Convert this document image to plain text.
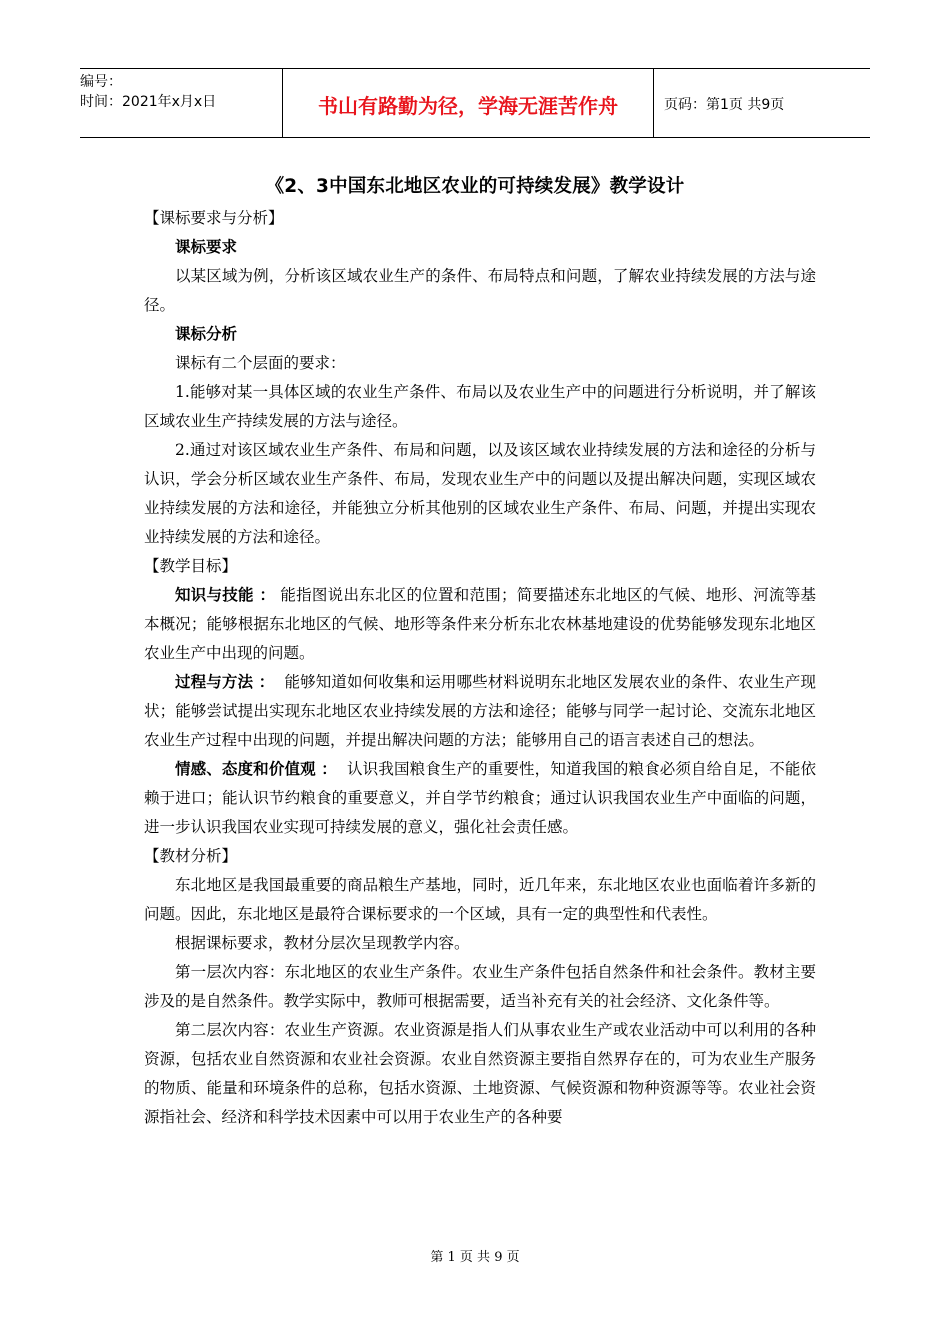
编号：
时间：2021年x月x日	书山有路勤为径，学海无涯苦作舟	页码：第1页 共9页
《2、3中国东北地区农业的可持续发展》教学设计

【课标要求与分析】

课标要求

以某区域为例，分析该区域农业生产的条件、布局特点和问题，了解农业持续发展的方法与途径。

课标分析

课标有二个层面的要求：

1.能够对某一具体区域的农业生产条件、布局以及农业生产中的问题进行分析说明，并了解该区域农业生产持续发展的方法与途径。

2.通过对该区域农业生产条件、布局和问题，以及该区域农业持续发展的方法和途径的分析与认识，学会分析区域农业生产条件、布局，发现农业生产中的问题以及提出解决问题，实现区域农业持续发展的方法和途径，并能独立分析其他别的区域农业生产条件、布局、问题，并提出实现农业持续发展的方法和途径。

【教学目标】

知识与技能 ： 能指图说出东北区的位置和范围；简要描述东北地区的气候、地形、河流等基本概况；能够根据东北地区的气候、地形等条件来分析东北农林基地建设的优势能够发现东北地区农业生产中出现的问题。

过程与方法 ： 能够知道如何收集和运用哪些材料说明东北地区发展农业的条件、农业生产现状；能够尝试提出实现东北地区农业持续发展的方法和途径；能够与同学一起讨论、交流东北地区农业生产过程中出现的问题，并提出解决问题的方法；能够用自己的语言表述自己的想法。

情感、态度和价值观 ： 认识我国粮食生产的重要性，知道我国的粮食必须自给自足，不能依赖于进口；能认识节约粮食的重要意义，并自学节约粮食；通过认识我国农业生产中面临的问题，进一步认识我国农业实现可持续发展的意义，强化社会责任感。

【教材分析】

东北地区是我国最重要的商品粮生产基地，同时，近几年来，东北地区农业也面临着许多新的问题。因此，东北地区是最符合课标要求的一个区域，具有一定的典型性和代表性。

根据课标要求，教材分层次呈现教学内容。

第一层次内容：东北地区的农业生产条件。农业生产条件包括自然条件和社会条件。教材主要涉及的是自然条件。教学实际中，教师可根据需要，适当补充有关的社会经济、文化条件等。

第二层次内容：农业生产资源。农业资源是指人们从事农业生产或农业活动中可以利用的各种资源，包括农业自然资源和农业社会资源。农业自然资源主要指自然界存在的，可为农业生产服务的物质、能量和环境条件的总称，包括水资源、土地资源、气候资源和物种资源等等。农业社会资源指社会、经济和科学技术因素中可以用于农业生产的各种要

第 1 页 共 9 页
